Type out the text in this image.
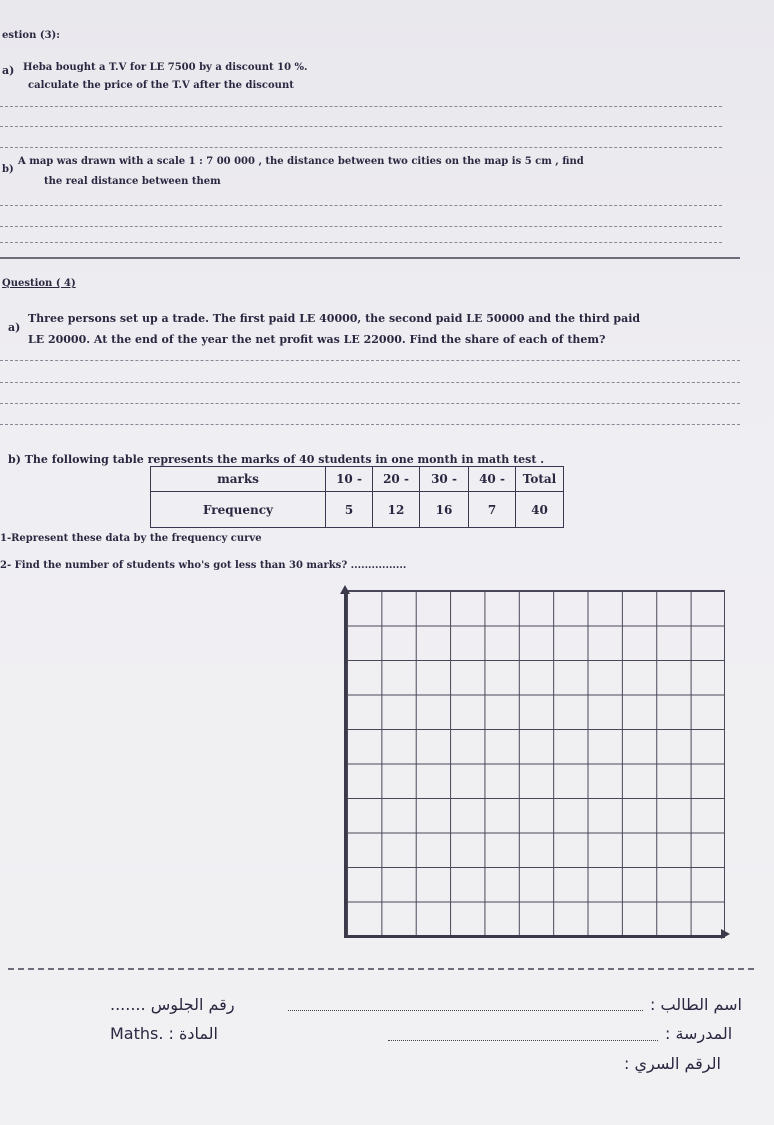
estion (3):
a) Heba bought a T.V for LE 7500 by a discount 10 %.
calculate the price of the T.V after the discount
b)
A map was drawn with a scale 1 : 7 00 000 , the distance between two cities on the map is 5 cm , find
the real distance between them
Question ( 4)
a)
Three persons set up a trade. The first paid LE 40000, the second paid LE 50000 and the third paid
LE 20000. At the end of the year the net profit was LE 22000. Find the share of each of them?
b) The following table represents the marks of 40 students in one month in math test .
marks	10 -	20 -	30 -	40 -	Total
Frequency	5	12	16	7	40
1-Represent these data by the frequency curve
2- Find the number of students who's got less than 30 marks? ................
رقم الجلوس .......
Maths. : المادة
اسم الطالب :
المدرسة :
الرقم السري :
